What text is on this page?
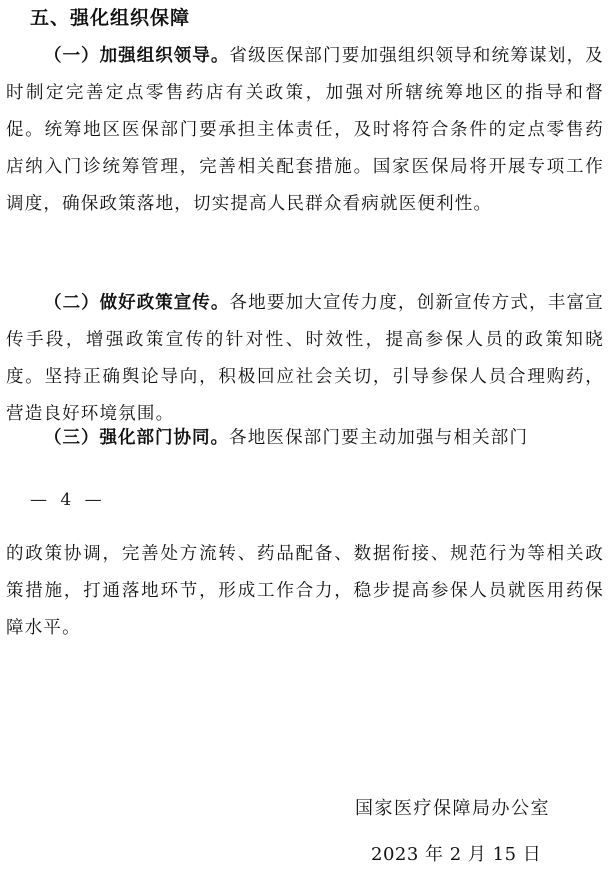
五、强化组织保障
（一）加强组织领导。省级医保部门要加强组织领导和统筹谋划，及时制定完善定点零售药店有关政策，加强对所辖统筹地区的指导和督促。统筹地区医保部门要承担主体责任，及时将符合条件的定点零售药店纳入门诊统筹管理，完善相关配套措施。国家医保局将开展专项工作调度，确保政策落地，切实提高人民群众看病就医便利性。
（二）做好政策宣传。各地要加大宣传力度，创新宣传方式，丰富宣传手段，增强政策宣传的针对性、时效性，提高参保人员的政策知晓度。坚持正确舆论导向，积极回应社会关切，引导参保人员合理购药，营造良好环境氛围。
（三）强化部门协同。各地医保部门要主动加强与相关部门
— 4 —
的政策协调，完善处方流转、药品配备、数据衔接、规范行为等相关政策措施，打通落地环节，形成工作合力，稳步提高参保人员就医用药保障水平。
国家医疗保障局办公室
2023 年 2 月 15 日
